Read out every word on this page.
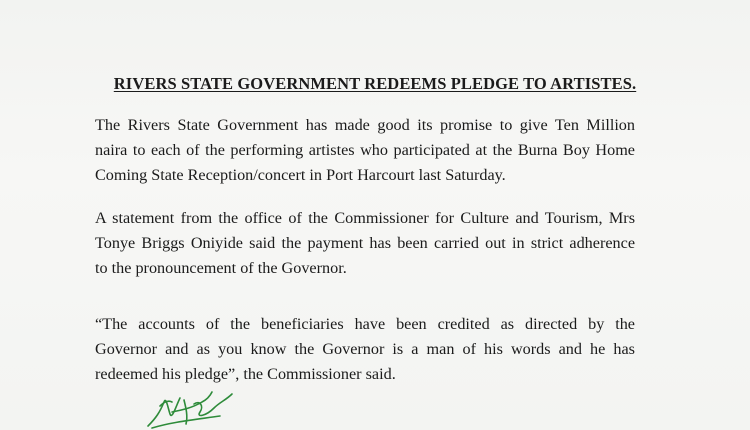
RIVERS STATE GOVERNMENT REDEEMS PLEDGE TO ARTISTES.
The Rivers State Government has made good its promise to give Ten Million
naira to each of the performing artistes who participated at the Burna Boy Home
Coming State Reception/concert in Port Harcourt last Saturday.
A statement from the office of the Commissioner for Culture and Tourism, Mrs
Tonye Briggs Oniyide said the payment has been carried out in strict adherence
to the pronouncement of the Governor.
“The accounts of the beneficiaries have been credited as directed by the
Governor and as you know the Governor is a man of his words and he has
redeemed his pledge”, the Commissioner said.
